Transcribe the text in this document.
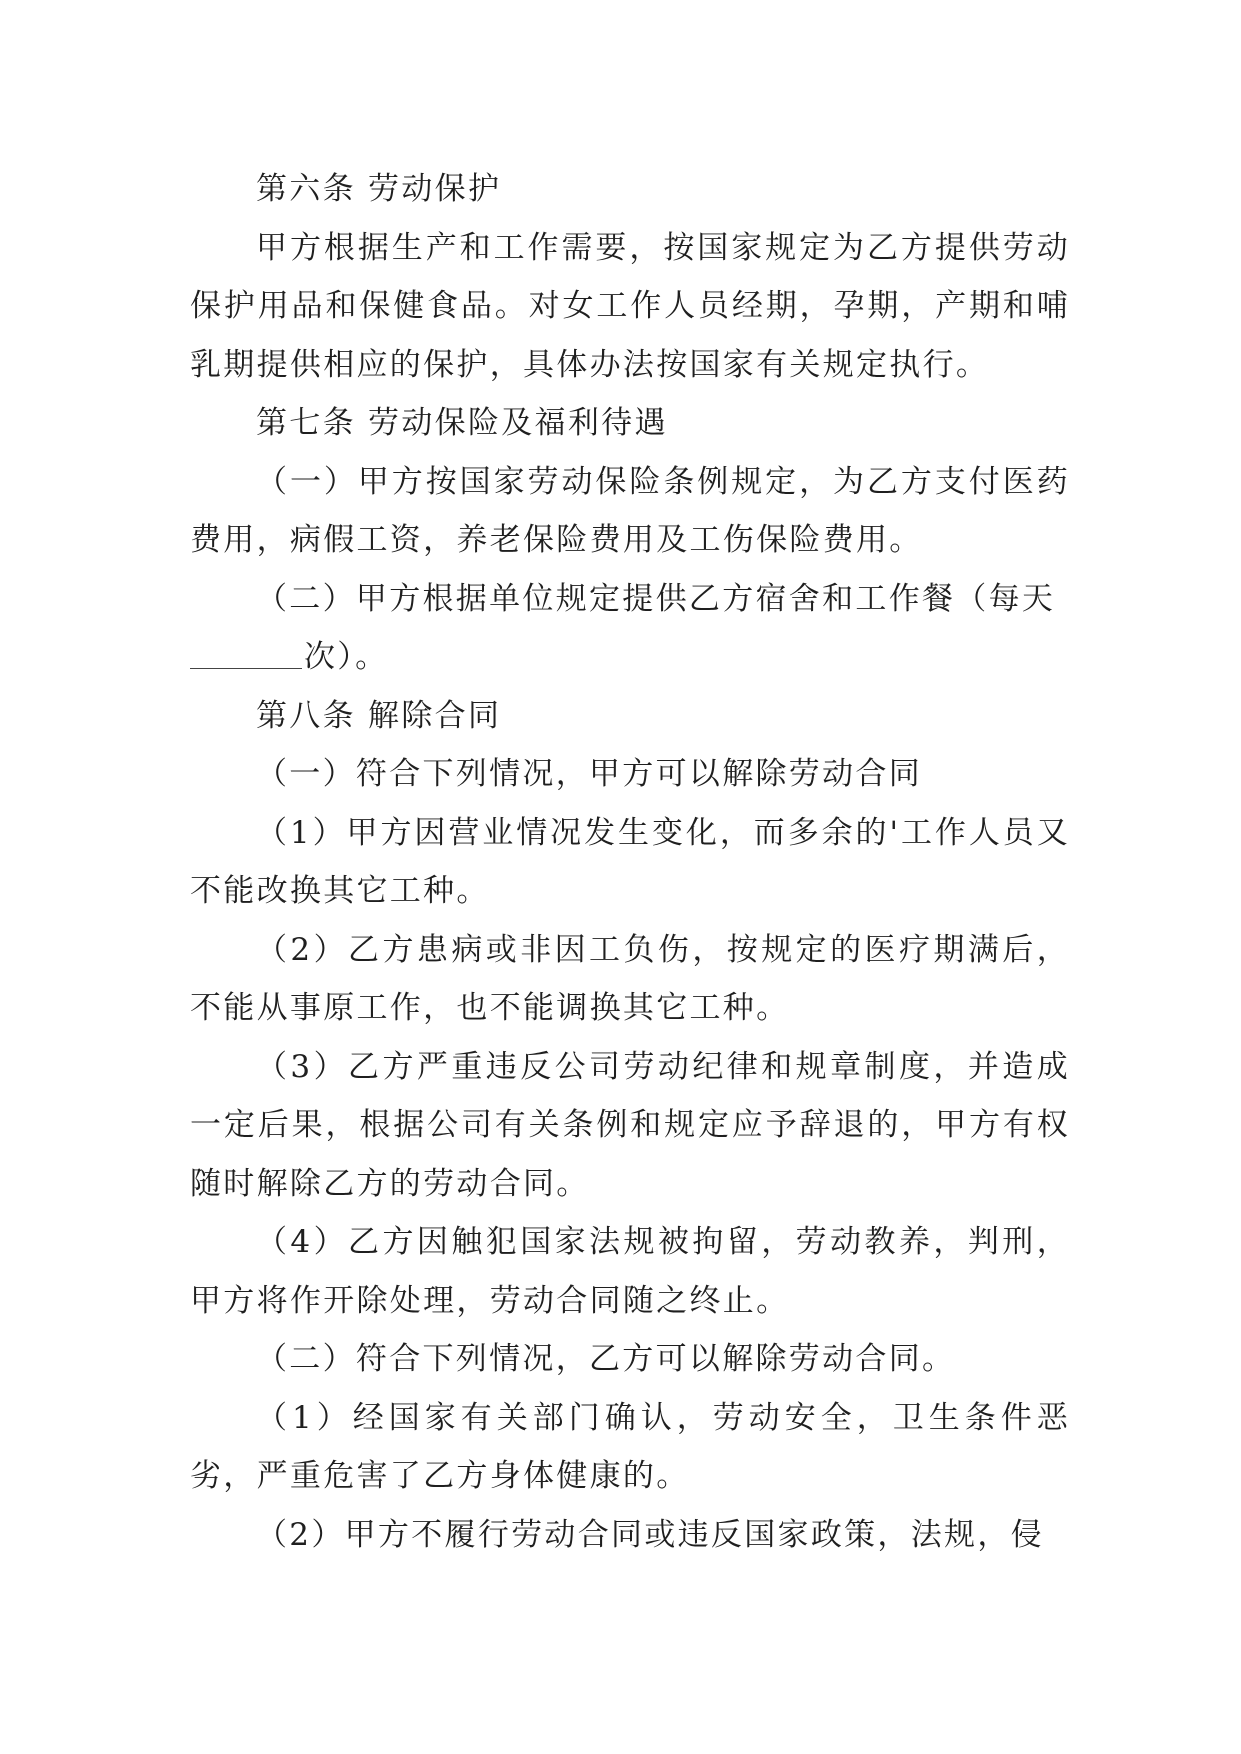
第六条 劳动保护

甲方根据生产和工作需要，按国家规定为乙方提供劳动保护用品和保健食品。对女工作人员经期，孕期，产期和哺乳期提供相应的保护，具体办法按国家有关规定执行。

第七条 劳动保险及福利待遇

（一）甲方按国家劳动保险条例规定，为乙方支付医药费用，病假工资，养老保险费用及工伤保险费用。

（二）甲方根据单位规定提供乙方宿舍和工作餐（每天
次）。

第八条 解除合同

（一）符合下列情况，甲方可以解除劳动合同

（1）甲方因营业情况发生变化，而多余的'工作人员又不能改换其它工种。

（2）乙方患病或非因工负伤，按规定的医疗期满后，不能从事原工作，也不能调换其它工种。

（3）乙方严重违反公司劳动纪律和规章制度，并造成一定后果，根据公司有关条例和规定应予辞退的，甲方有权随时解除乙方的劳动合同。

（4）乙方因触犯国家法规被拘留，劳动教养，判刑，甲方将作开除处理，劳动合同随之终止。

（二）符合下列情况，乙方可以解除劳动合同。

（1）经国家有关部门确认，劳动安全，卫生条件恶劣，严重危害了乙方身体健康的。

（2）甲方不履行劳动合同或违反国家政策，法规，侵
